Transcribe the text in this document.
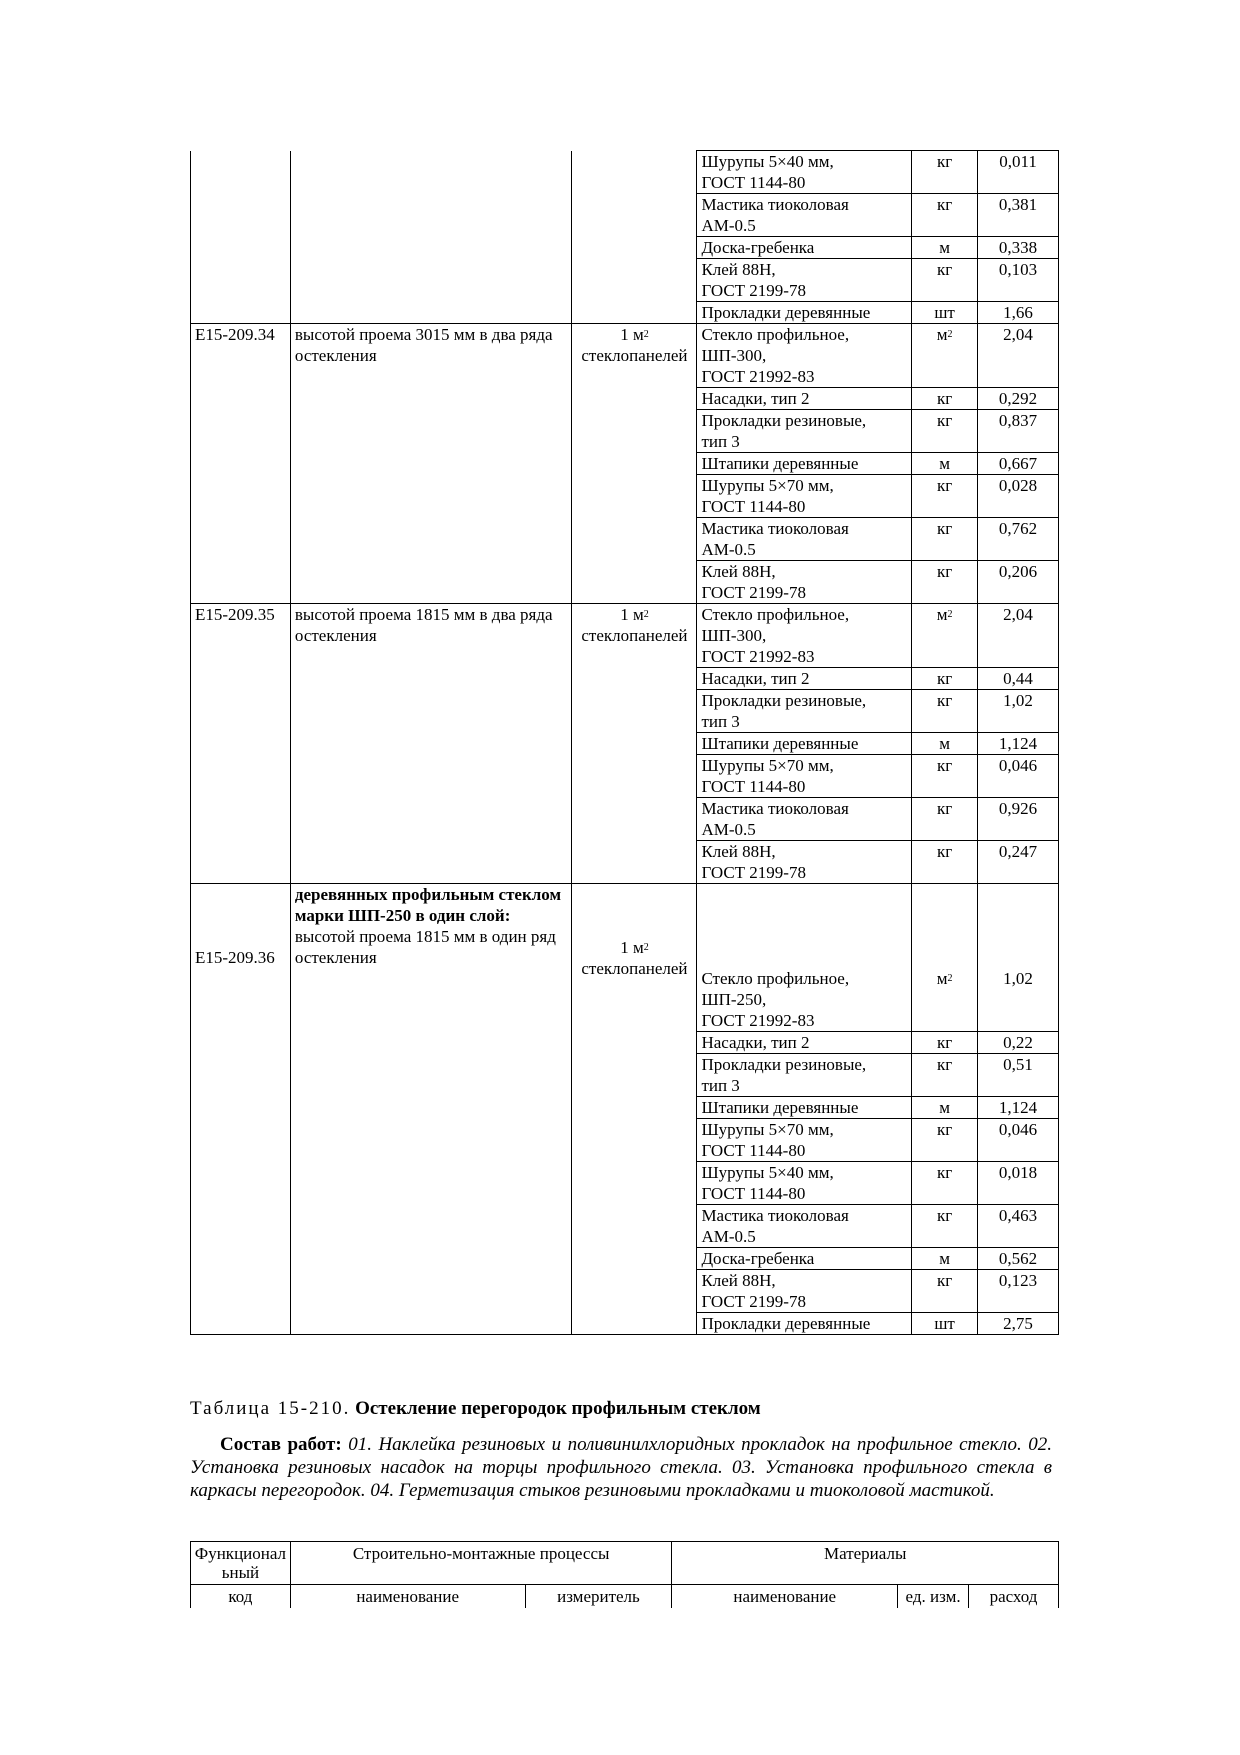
			Шурупы 5×40 мм,
ГОСТ 1144-80	кг	0,011
			Мастика тиоколовая АМ-0.5	кг	0,381
			Доска-гребенка	м	0,338
			Клей 88Н,
ГОСТ 2199-78	кг	0,103
			Прокладки деревянные	шт	1,66
Е15-209.34	высотой проема 3015 мм в два ряда остекления	1 $м^2$
стеклопанелей	Стекло профильное,
ШП-300,
ГОСТ 21992-83	$м^2$	2,04
			Насадки, тип 2	кг	0,292
			Прокладки резиновые,
тип 3	кг	0,837
			Штапики деревянные	м	0,667
			Шурупы 5×70 мм,
ГОСТ 1144-80	кг	0,028
			Мастика тиоколовая АМ-0.5	кг	0,762
			Клей 88Н,
ГОСТ 2199-78	кг	0,206
Е15-209.35	высотой проема 1815 мм в два ряда остекления	1 $м^2$
стеклопанелей	Стекло профильное,
ШП-300,
ГОСТ 21992-83	$м^2$	2,04
			Насадки, тип 2	кг	0,44
			Прокладки резиновые,
тип 3	кг	1,02
			Штапики деревянные	м	1,124
			Шурупы 5×70 мм,
ГОСТ 1144-80	кг	0,046
			Мастика тиоколовая АМ-0.5	кг	0,926
			Клей 88Н,
ГОСТ 2199-78	кг	0,247
Е15-209.36	деревянных профильным стеклом марки ШП-250 в один слой:
высотой проема 1815 мм в один ряд остекления	1 $м^2$
стеклопанелей	Стекло профильное,
ШП-250,
ГОСТ 21992-83	$м^2$	1,02
			Насадки, тип 2	кг	0,22
			Прокладки резиновые,
тип 3	кг	0,51
			Штапики деревянные	м	1,124
			Шурупы 5×70 мм,
ГОСТ 1144-80	кг	0,046
			Шурупы 5×40 мм,
ГОСТ 1144-80	кг	0,018
			Мастика тиоколовая АМ-0.5	кг	0,463
			Доска-гребенка	м	0,562
			Клей 88Н,
ГОСТ 2199-78	кг	0,123
			Прокладки деревянные	шт	2,75
Таблица 15-210. Остекление перегородок профильным стеклом
Состав работ: 01. Наклейка резиновых и поливинилхлоридных прокладок на профильное стекло. 02. Установка резиновых насадок на торцы профильного стекла. 03. Установка профильного стекла в каркасы перегородок. 04. Герметизация стыков резиновыми прокладками и тиоколовой мастикой.
Функциональный	Строительно-монтажные процессы		Материалы		
код	наименование	измеритель	наименование	ед. изм.	расход
